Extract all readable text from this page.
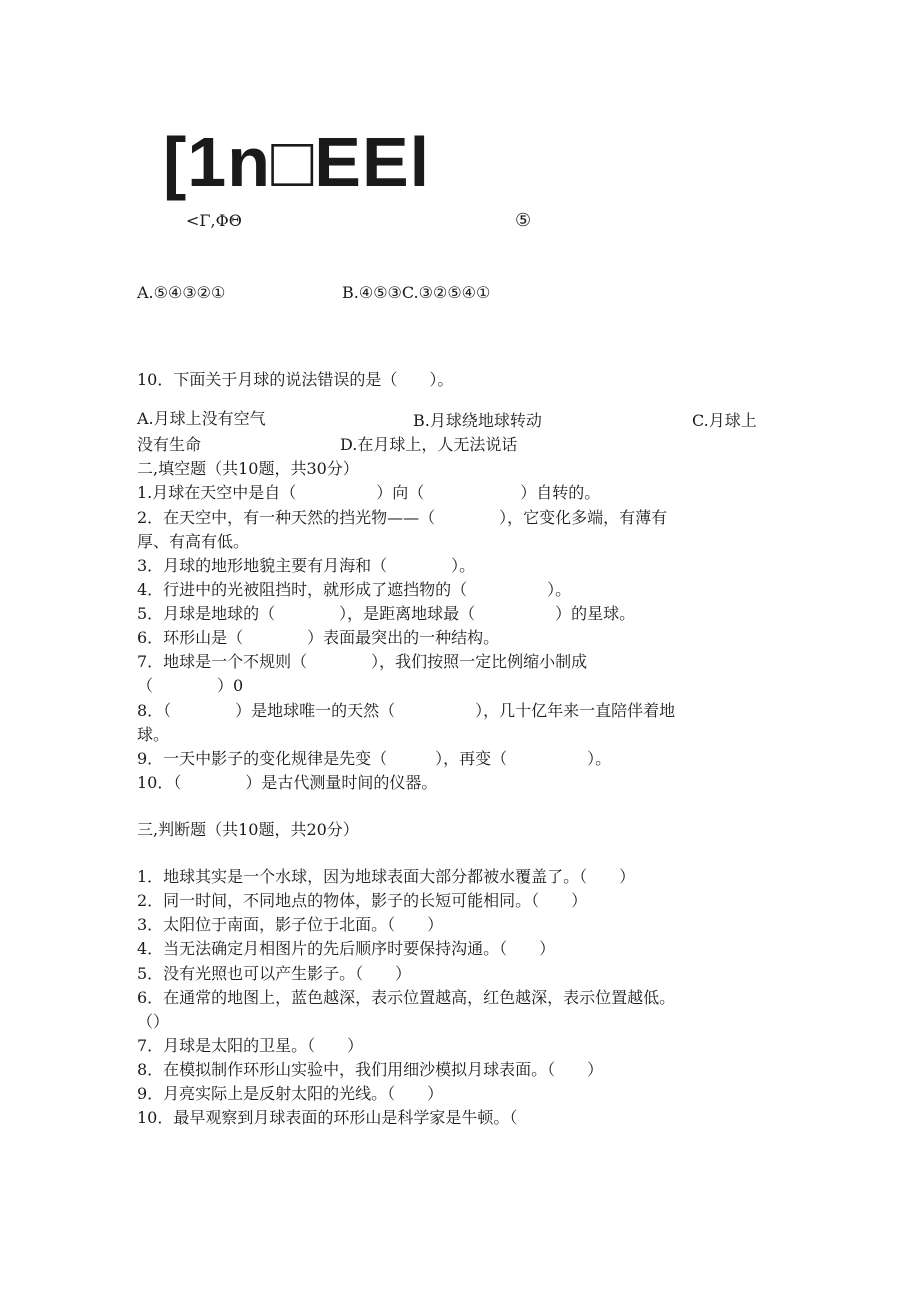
[1n□EEl
<Γ,ΦΘ	⑤
A.⑤④③②①	B.④⑤③C.③②⑤④①
10．下面关于月球的说法错误的是（　　）。
A.月球上没有空气	B.月球绕地球转动	C.月球上
没有生命	D.在月球上，人无法说话
二,填空题（共10题，共30分）
1.月球在天空中是自（　　　　　）向（　　　　　　）自转的。
2．在天空中，有一种天然的挡光物——（　　　　），它变化多端，有薄有
厚、有高有低。
3．月球的地形地貌主要有月海和（　　　　）。
4．行进中的光被阻挡时，就形成了遮挡物的（　　　　　）。
5．月球是地球的（　　　　），是距离地球最（　　　　　）的星球。
6．环形山是（　　　　）表面最突出的一种结构。
7．地球是一个不规则（　　　　），我们按照一定比例缩小制成
（　　　　）0
8．（　　　　）是地球唯一的天然（　　　　　），几十亿年来一直陪伴着地
球。
9．一天中影子的变化规律是先变（　　　），再变（　　　　　）。
10．（　　　　）是古代测量时间的仪器。
三,判断题（共10题，共20分）
1．地球其实是一个水球，因为地球表面大部分都被水覆盖了。（　　）
2．同一时间，不同地点的物体，影子的长短可能相同。（　　）
3．太阳位于南面，影子位于北面。（　　）
4．当无法确定月相图片的先后顺序时要保持沟通。（　　）
5．没有光照也可以产生影子。（　　）
6．在通常的地图上，蓝色越深，表示位置越高，红色越深，表示位置越低。
（）
7．月球是太阳的卫星。（　　）
8．在模拟制作环形山实验中，我们用细沙模拟月球表面。（　　）
9．月亮实际上是反射太阳的光线。（　　）
10．最早观察到月球表面的环形山是科学家是牛顿。（
